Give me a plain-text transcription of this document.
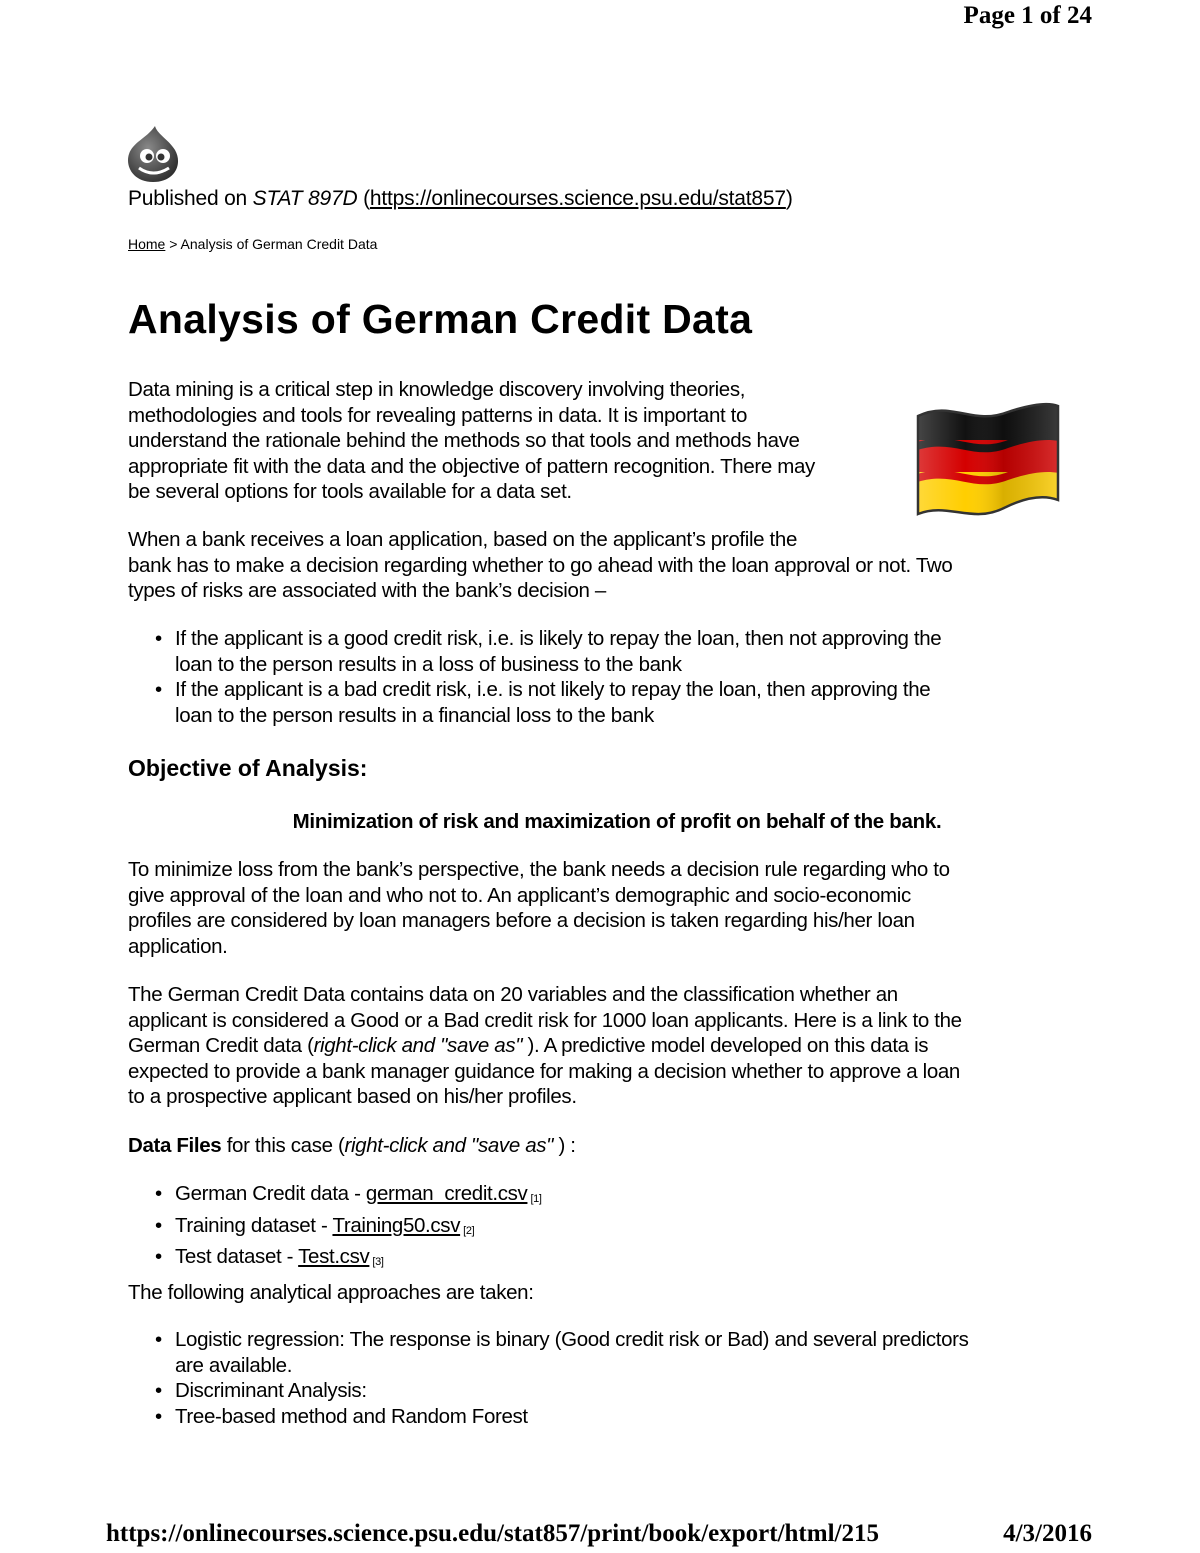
Page 1 of 24
Published on STAT 897D (https://onlinecourses.science.psu.edu/stat857)
Home > Analysis of German Credit Data
Analysis of German Credit Data
Data mining is a critical step in knowledge discovery involving theories,
methodologies and tools for revealing patterns in data. It is important to
understand the rationale behind the methods so that tools and methods have
appropriate fit with the data and the objective of pattern recognition. There may
be several options for tools available for a data set.
When a bank receives a loan application, based on the applicant’s profile the
bank has to make a decision regarding whether to go ahead with the loan approval or not. Two
types of risks are associated with the bank’s decision –
• If the applicant is a good credit risk, i.e. is likely to repay the loan, then not approving the
loan to the person results in a loss of business to the bank
• If the applicant is a bad credit risk, i.e. is not likely to repay the loan, then approving the
loan to the person results in a financial loss to the bank
Objective of Analysis:
Minimization of risk and maximization of profit on behalf of the bank.
To minimize loss from the bank’s perspective, the bank needs a decision rule regarding who to
give approval of the loan and who not to. An applicant’s demographic and socio-economic
profiles are considered by loan managers before a decision is taken regarding his/her loan
application.
The German Credit Data contains data on 20 variables and the classification whether an
applicant is considered a Good or a Bad credit risk for 1000 loan applicants. Here is a link to the
German Credit data (right-click and "save as" ). A predictive model developed on this data is
expected to provide a bank manager guidance for making a decision whether to approve a loan
to a prospective applicant based on his/her profiles.
Data Files for this case (right-click and "save as" ) :
• German Credit data - german_credit.csv [1]
• Training dataset - Training50.csv [2]
• Test dataset - Test.csv [3]
The following analytical approaches are taken:
• Logistic regression: The response is binary (Good credit risk or Bad) and several predictors
are available.
• Discriminant Analysis:
• Tree-based method and Random Forest
https://onlinecourses.science.psu.edu/stat857/print/book/export/html/215	4/3/2016
